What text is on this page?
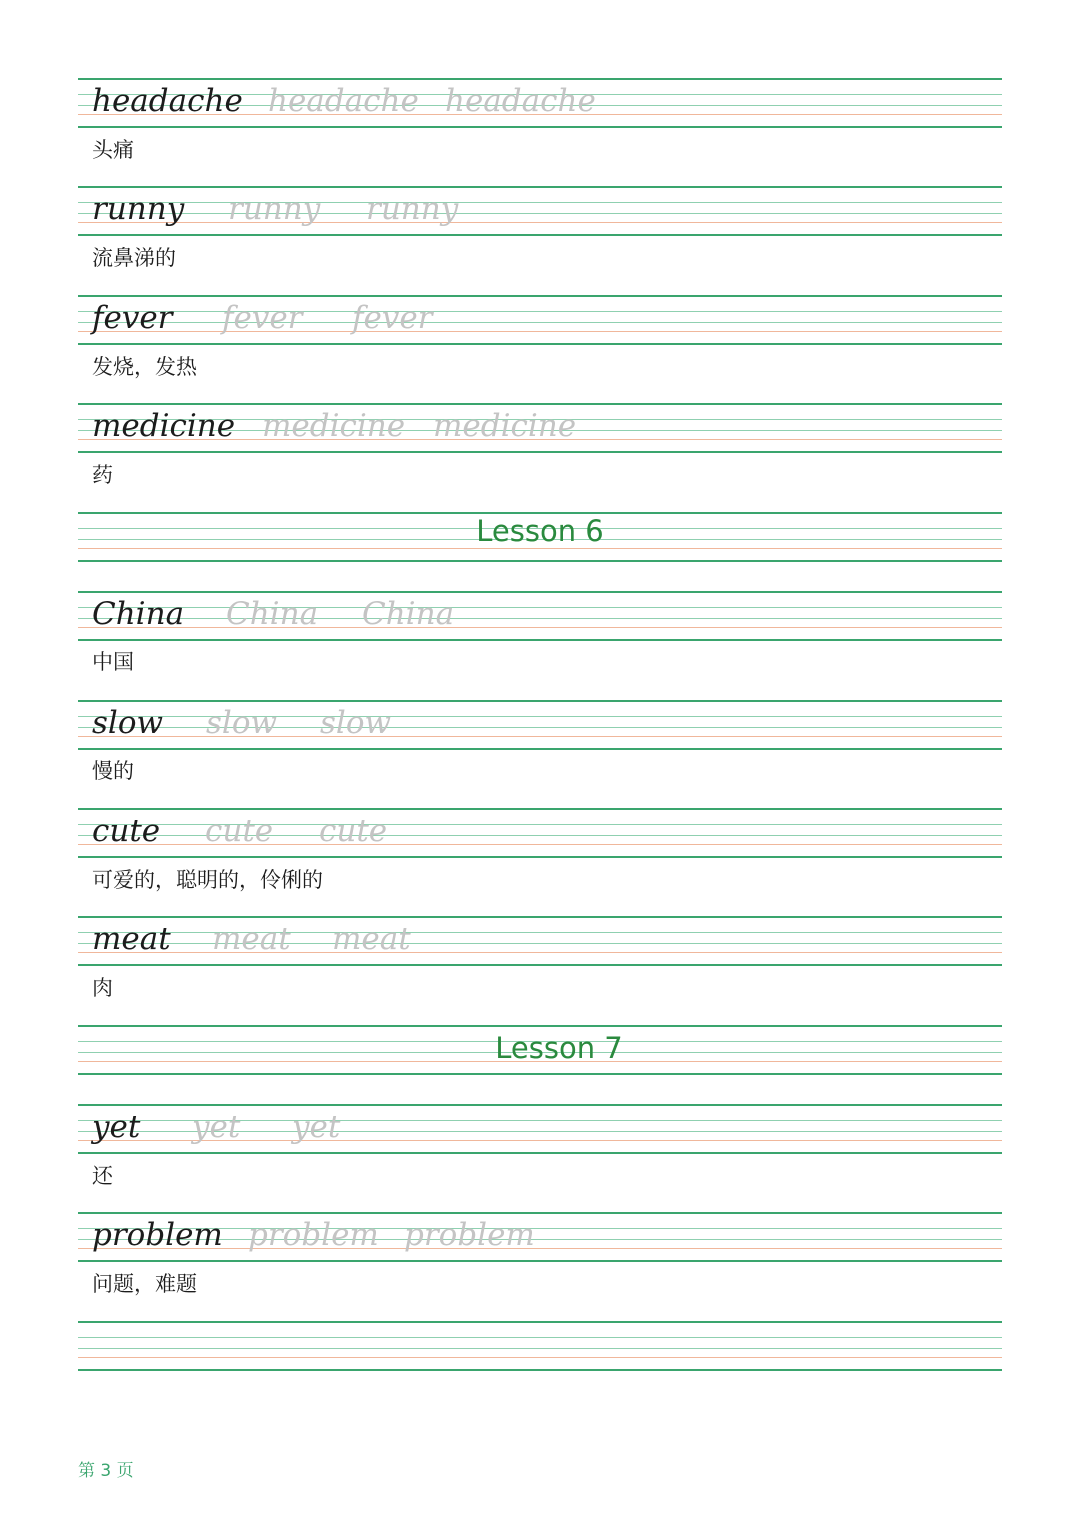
headache headache headache
头痛
runny runny runny
流鼻涕的
fever fever fever
发烧，发热
medicine medicine medicine
药
Lesson 6
China China China
中国
slow slow slow
慢的
cute cute cute
可爱的，聪明的，伶俐的
meat meat meat
肉
Lesson 7
yet yet yet
还
problem problem problem
问题，难题
第 3 页
